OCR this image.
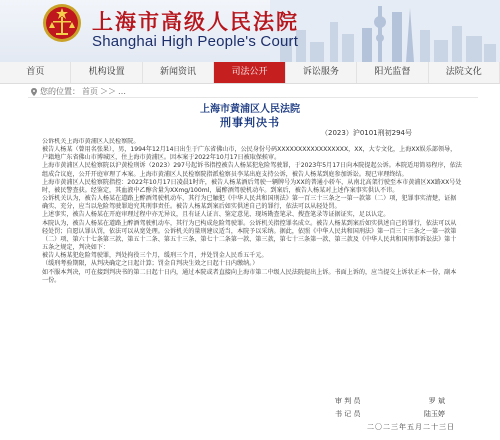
上海市高级人民法院
Shanghai High People's Court
首页	机构设置	新闻资讯	司法公开	诉讼服务	阳光监督	法院文化
您的位置： 首页 ＞＞ …
上海市黄浦区人民法院
刑事判决书
（2023）沪0101刑初294号

公诉机关上海市黄浦区人民检察院。

被告人杨某（曾用名张果），男，1994年12月14日出生于广东省佛山市，公民身份号码XXXXXXXXXXXXXXXXX，XX，大专文化，上海XX娱乐部领导，户籍地广东省佛山市博城区，住上海市黄浦区。因本案于2022年10月17日被取保候审。

上海市黄浦区人民检察院以沪黄检刑诉（2023）297号起诉书指控被告人杨某犯危险驾驶罪，于2023年5月17日向本院提起公诉。本院适用简易程序，依法组成合议庭，公开开庭审理了本案。上海市黄浦区人民检察院指派检察员李某出庭支持公诉，被告人杨某到庭参加诉讼。现已审理终结。

上海市黄浦区人民检察院指控：2022年10月17日凌晨1时许，被告人杨某酒后驾驶一辆牌号为XX的普通小轿车，从南北高架行驶至本市黄浦区XX路XX号处时，被民警查获。经鉴定，其血液中乙醇含量为XXmg/100ml，属醉酒驾驶机动车。到案后，被告人杨某对上述作案事实供认不讳。

公诉机关认为，被告人杨某在道路上醉酒驾驶机动车，其行为已触犯《中华人民共和国刑法》第一百三十三条之一第一款第（二）项，犯罪事实清楚，证据确实、充分，应当以危险驾驶罪追究其刑事责任。被告人杨某到案后如实供述自己的罪行，依法可以从轻处罚。

上述事实，被告人杨某在开庭审理过程中亦无异议，且有证人证言、鉴定意见、现场勘查笔录、搜查笔录等证据证实，足以认定。

本院认为，被告人杨某在道路上醉酒驾驶机动车，其行为已构成危险驾驶罪。公诉机关指控罪名成立。被告人杨某到案后如实供述自己的罪行，依法可以从轻处罚；自愿认罪认罚，依法可以从宽处理。公诉机关的量刑建议适当，本院予以采纳。据此，依照《中华人民共和国刑法》第一百三十三条之一第一款第（二）项、第六十七条第三款、第五十二条、第五十三条、第七十二条第一款、第三款，第七十三条第一款、第三款及《中华人民共和国刑事诉讼法》第十五条之规定，判决如下：

被告人杨某犯危险驾驶罪，判处拘役三个月，缓刑三个月，并处罚金人民币五千元。

（缓刑考验期限，从判决确定之日起计算；罚金自判决生效之日起十日内缴纳。）

如不服本判决，可在接到判决书的第二日起十日内，通过本院或者直接向上海市第二中级人民法院提出上诉。书面上诉的，应当提交上诉状正本一份，副本一份。

审 判 员	罗 斌
书 记 员	陆玉婷
二〇二三年五月二十三日
